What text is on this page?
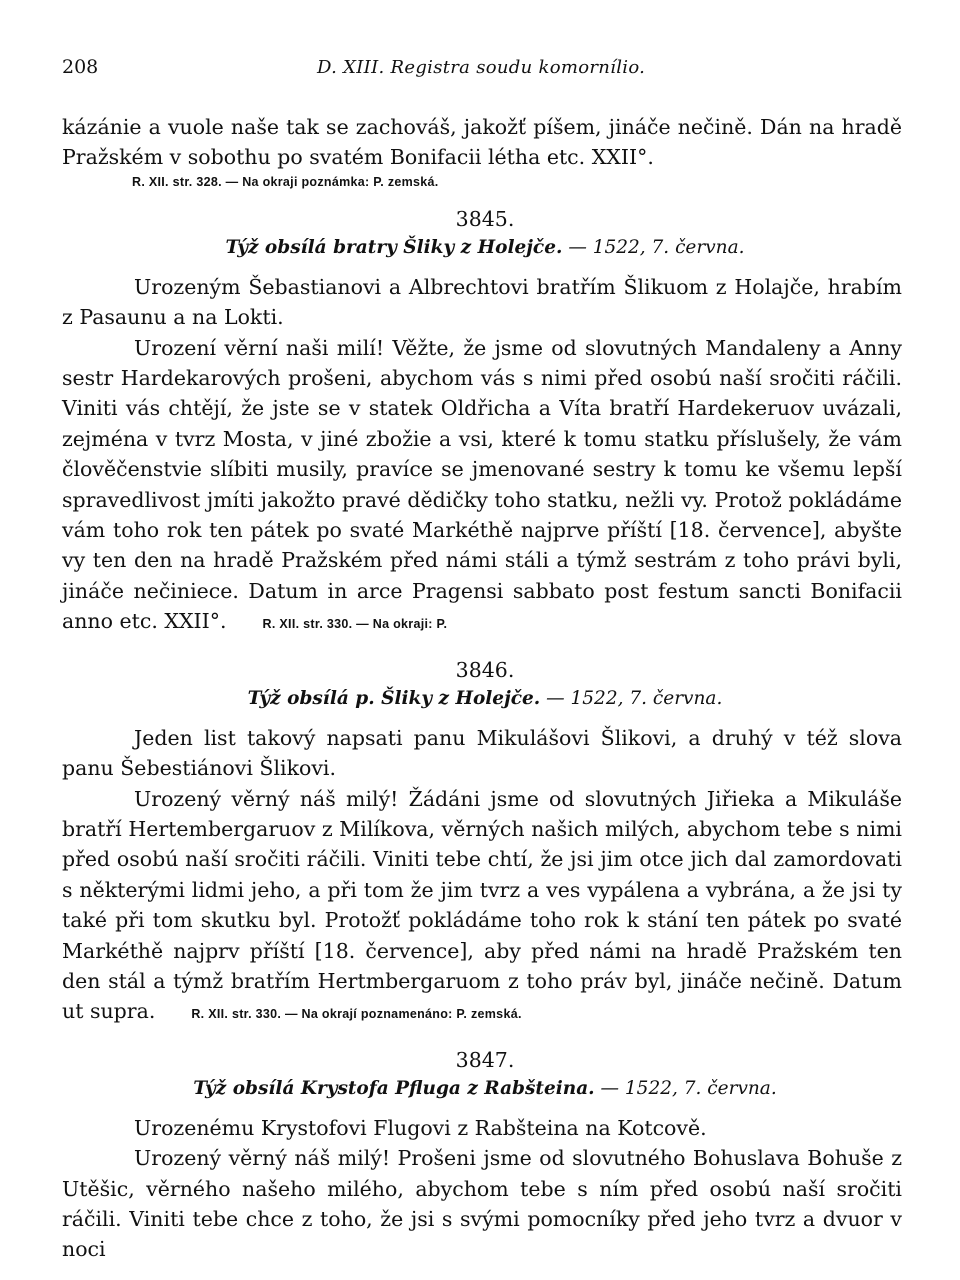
208	D. XIII. Registra soudu komornílio.

kázánie a vuole naše tak se zachováš, jakožť píšem, jináče nečině. Dán na hradě Pražském v sobothu po svatém Bonifacii létha etc. XXII°.

R. XII. str. 328. — Na okraji poznámka: P. zemská.
3845.
Týž obsílá bratry Šliky z Holejče. — 1522, 7. června.

Urozeným Šebastianovi a Albrechtovi bratřím Šlikuom z Holajče, hrabím z Pasaunu a na Lokti.

Urození věrní naši milí! Věžte, že jsme od slovutných Mandaleny a Anny sestr Hardekarových prošeni, abychom vás s nimi před osobú naší sročiti ráčili. Viniti vás chtějí, že jste se v statek Oldřicha a Víta bratří Hardekeruov uvázali, zejména v tvrz Mosta, v jiné zbožie a vsi, které k tomu statku příslušely, že vám člověčenstvie slíbiti musily, pravíce se jmenované sestry k tomu ke všemu lepší spravedlivost jmíti jakožto pravé dědičky toho statku, nežli vy. Protož pokládáme vám toho rok ten pátek po svaté Markéthě najprve příští [18. července], abyšte vy ten den na hradě Pražském před námi stáli a týmž sestrám z toho právi byli, jináče nečiniece. Datum in arce Pragensi sabbato post festum sancti Bonifacii anno etc. XXII°.	R. XII. str. 330. — Na okraji: P.

3846.
Týž obsílá p. Šliky z Holejče. — 1522, 7. června.

Jeden list takový napsati panu Mikulášovi Šlikovi, a druhý v též slova panu Šebestiánovi Šlikovi.

Urozený věrný náš milý! Žádáni jsme od slovutných Jiřieka a Mikuláše bratří Hertembergaruov z Milíkova, věrných našich milých, abychom tebe s nimi před osobú naší sročiti ráčili. Viniti tebe chtí, že jsi jim otce jich dal zamordovati s některými lidmi jeho, a při tom že jim tvrz a ves vypálena a vybrána, a že jsi ty také při tom skutku byl. Protožť pokládáme toho rok k stání ten pátek po svaté Markéthě najprv příští [18. července], aby před námi na hradě Pražském ten den stál a týmž bratřím Hertmbergaruom z toho práv byl, jináče nečině. Datum ut supra.	R. XII. str. 330. — Na okrají poznamenáno: P. zemská.

3847.
Týž obsílá Krystofa Pfluga z Rabšteina. — 1522, 7. června.

Urozenému Krystofovi Flugovi z Rabšteina na Kotcově.

Urozený věrný náš milý! Prošeni jsme od slovutného Bohuslava Bohuše z Utěšic, věrného našeho milého, abychom tebe s ním před osobú naší sročiti ráčili. Viniti tebe chce z toho, že jsi s svými pomocníky před jeho tvrz a dvuor v noci
